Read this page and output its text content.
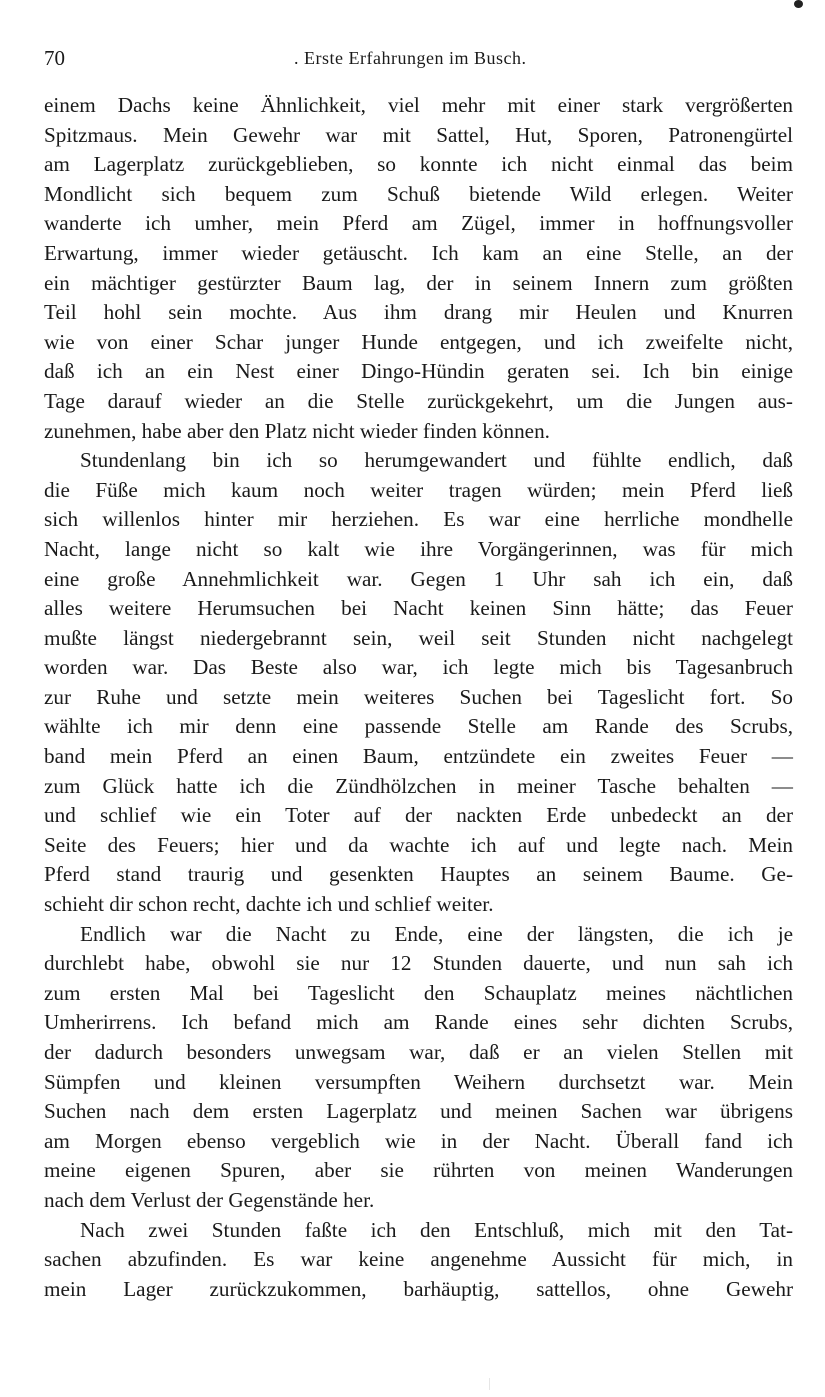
70	. Erste Erfahrungen im Busch.
einem Dachs keine Ähnlichkeit, viel mehr mit einer stark vergrößerten
Spitzmaus. Mein Gewehr war mit Sattel, Hut, Sporen, Patronengürtel
am Lagerplatz zurückgeblieben, so konnte ich nicht einmal das beim
Mondlicht sich bequem zum Schuß bietende Wild erlegen. Weiter
wanderte ich umher, mein Pferd am Zügel, immer in hoffnungsvoller
Erwartung, immer wieder getäuscht. Ich kam an eine Stelle, an der
ein mächtiger gestürzter Baum lag, der in seinem Innern zum größten
Teil hohl sein mochte. Aus ihm drang mir Heulen und Knurren
wie von einer Schar junger Hunde entgegen, und ich zweifelte nicht,
daß ich an ein Nest einer Dingo-Hündin geraten sei. Ich bin einige
Tage darauf wieder an die Stelle zurückgekehrt, um die Jungen aus-
zunehmen, habe aber den Platz nicht wieder finden können.
Stundenlang bin ich so herumgewandert und fühlte endlich, daß
die Füße mich kaum noch weiter tragen würden; mein Pferd ließ
sich willenlos hinter mir herziehen. Es war eine herrliche mondhelle
Nacht, lange nicht so kalt wie ihre Vorgängerinnen, was für mich
eine große Annehmlichkeit war. Gegen 1 Uhr sah ich ein, daß
alles weitere Herumsuchen bei Nacht keinen Sinn hätte; das Feuer
mußte längst niedergebrannt sein, weil seit Stunden nicht nachgelegt
worden war. Das Beste also war, ich legte mich bis Tagesanbruch
zur Ruhe und setzte mein weiteres Suchen bei Tageslicht fort. So
wählte ich mir denn eine passende Stelle am Rande des Scrubs,
band mein Pferd an einen Baum, entzündete ein zweites Feuer —
zum Glück hatte ich die Zündhölzchen in meiner Tasche behalten —
und schlief wie ein Toter auf der nackten Erde unbedeckt an der
Seite des Feuers; hier und da wachte ich auf und legte nach. Mein
Pferd stand traurig und gesenkten Hauptes an seinem Baume. Ge-
schieht dir schon recht, dachte ich und schlief weiter.
Endlich war die Nacht zu Ende, eine der längsten, die ich je
durchlebt habe, obwohl sie nur 12 Stunden dauerte, und nun sah ich
zum ersten Mal bei Tageslicht den Schauplatz meines nächtlichen
Umherirrens. Ich befand mich am Rande eines sehr dichten Scrubs,
der dadurch besonders unwegsam war, daß er an vielen Stellen mit
Sümpfen und kleinen versumpften Weihern durchsetzt war. Mein
Suchen nach dem ersten Lagerplatz und meinen Sachen war übrigens
am Morgen ebenso vergeblich wie in der Nacht. Überall fand ich
meine eigenen Spuren, aber sie rührten von meinen Wanderungen
nach dem Verlust der Gegenstände her.
Nach zwei Stunden faßte ich den Entschluß, mich mit den Tat-
sachen abzufinden. Es war keine angenehme Aussicht für mich, in
mein Lager zurückzukommen, barhäuptig, sattellos, ohne Gewehr
